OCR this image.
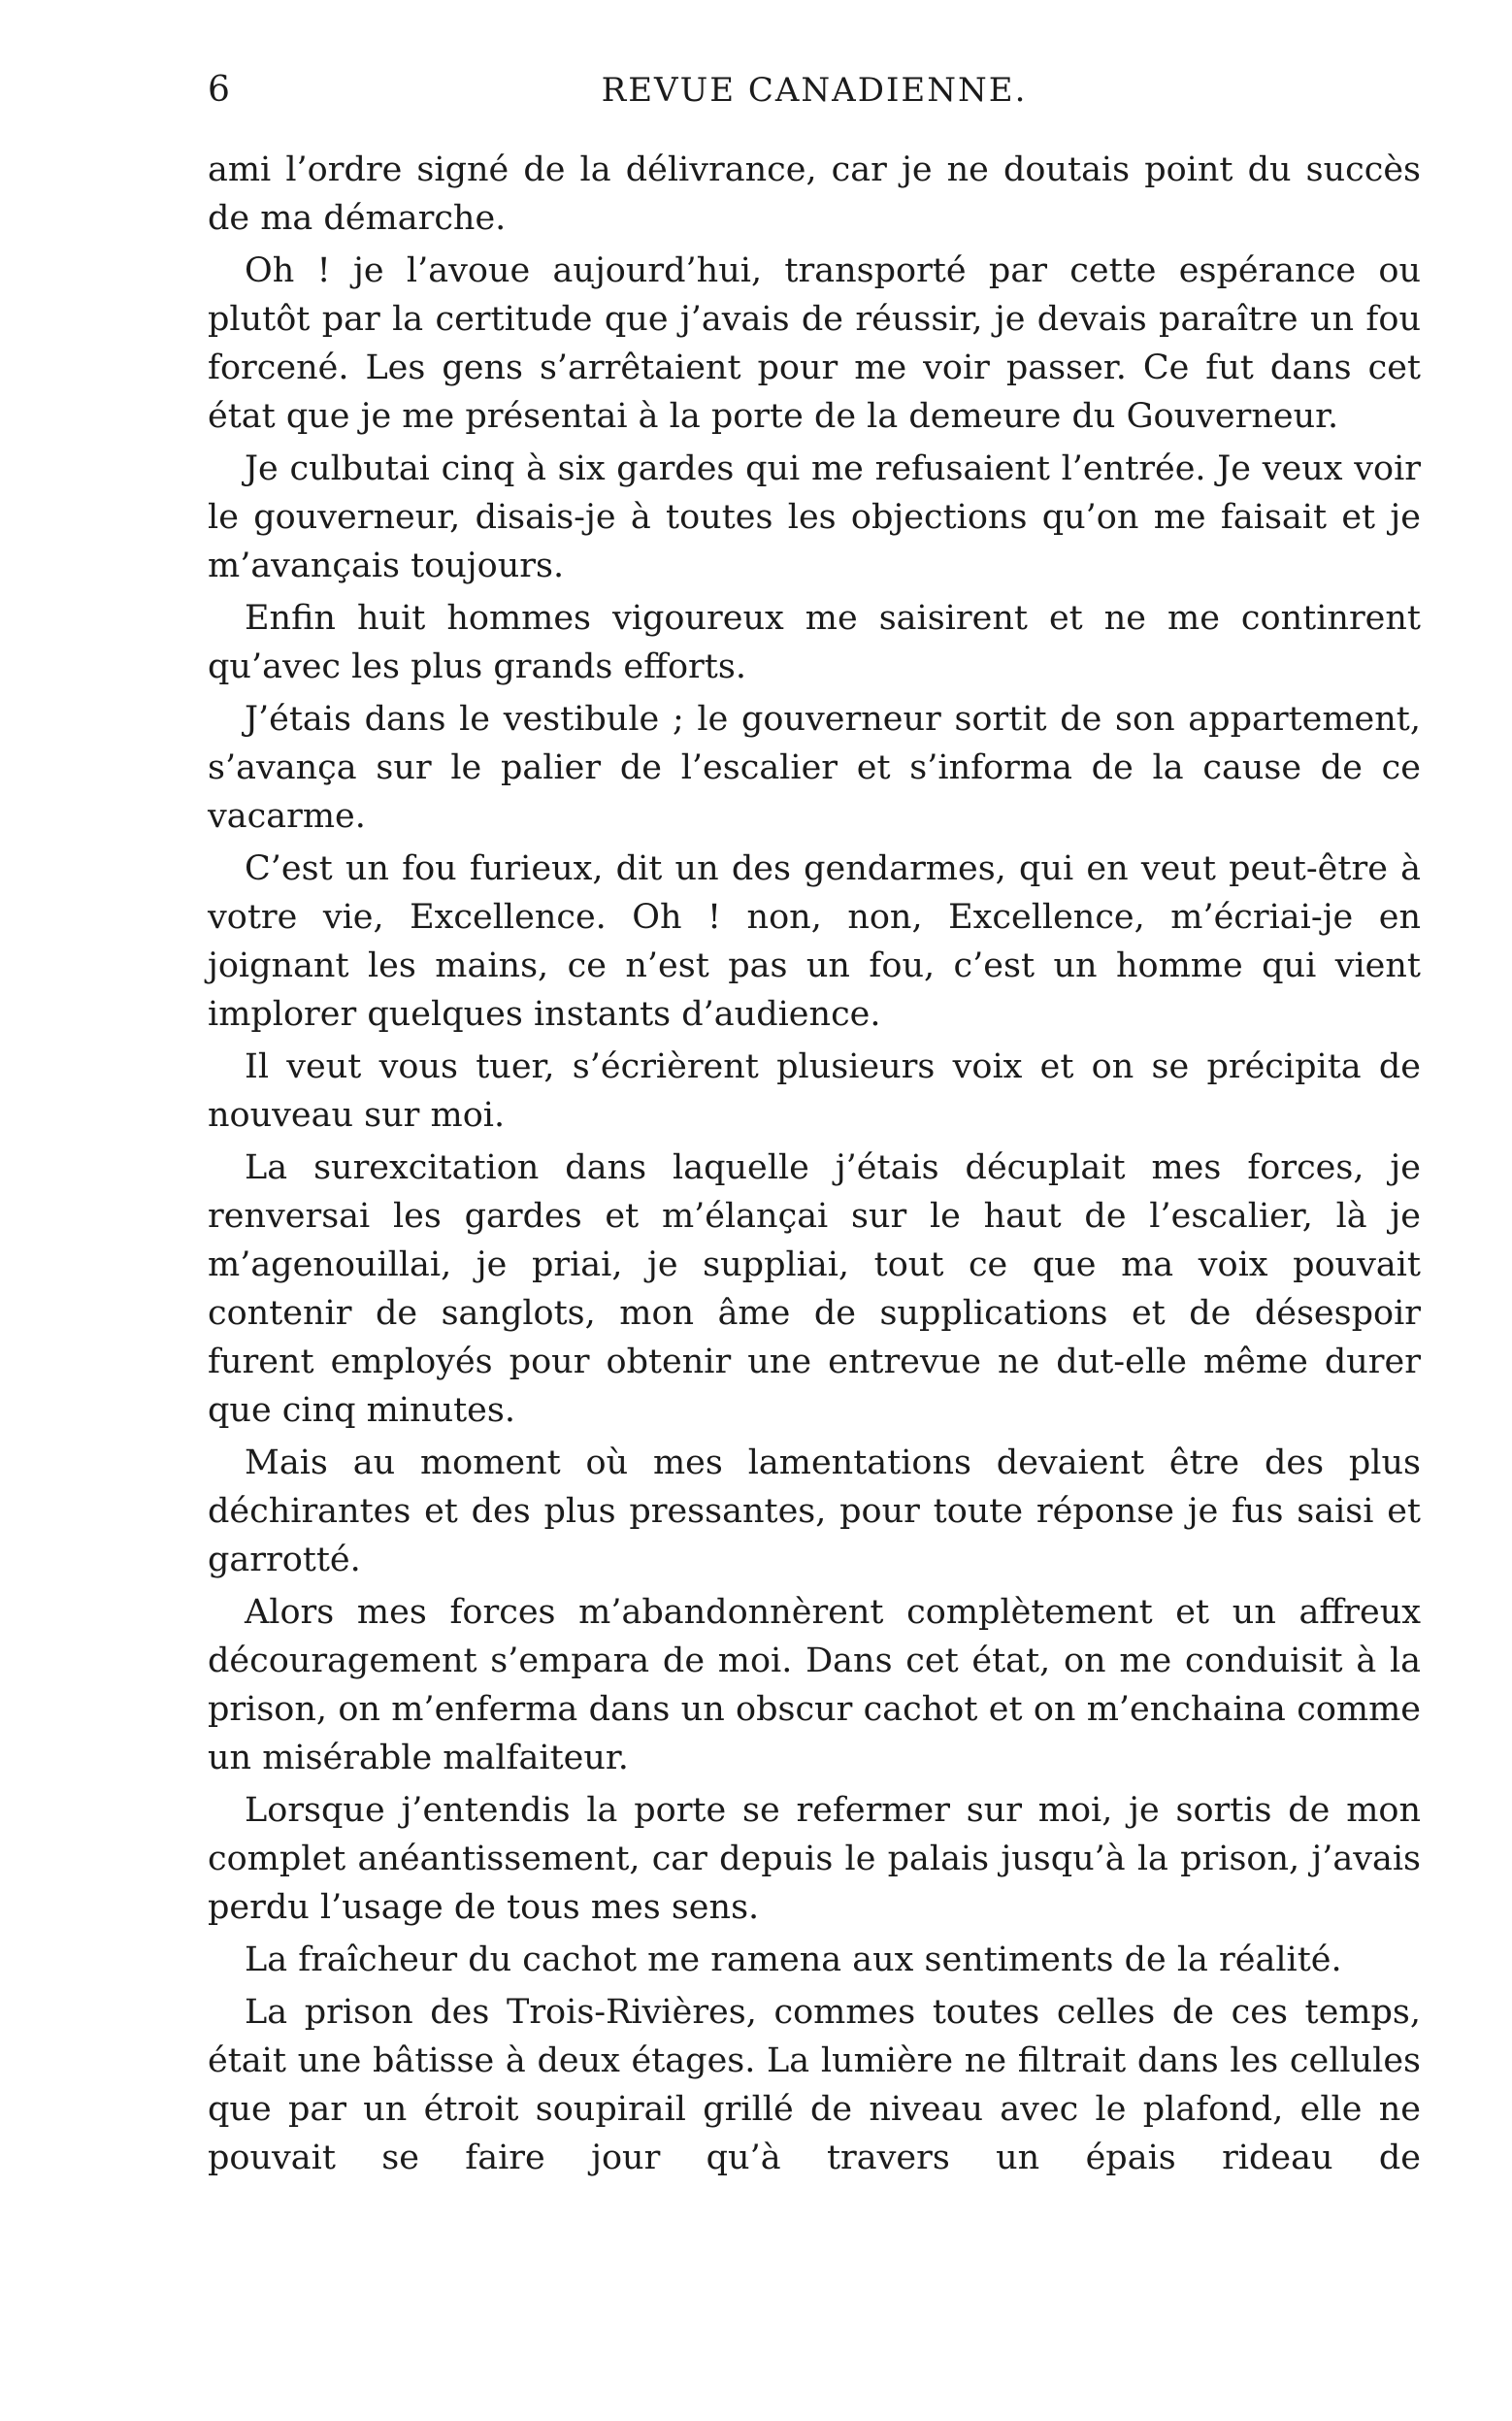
6	REVUE CANADIENNE.

ami l’ordre signé de la délivrance, car je ne doutais point du succès de ma démarche.

Oh ! je l’avoue aujourd’hui, transporté par cette espérance ou plutôt par la certitude que j’avais de réussir, je devais paraître un fou forcené. Les gens s’arrêtaient pour me voir passer. Ce fut dans cet état que je me présentai à la porte de la demeure du Gouverneur.

Je culbutai cinq à six gardes qui me refusaient l’entrée. Je veux voir le gouverneur, disais-je à toutes les objections qu’on me faisait et je m’avançais toujours.

Enfin huit hommes vigoureux me saisirent et ne me continrent qu’avec les plus grands efforts.

J’étais dans le vestibule ; le gouverneur sortit de son appartement, s’avança sur le palier de l’escalier et s’informa de la cause de ce vacarme.

C’est un fou furieux, dit un des gendarmes, qui en veut peut-être à votre vie, Excellence. Oh ! non, non, Excellence, m’écriai-je en joignant les mains, ce n’est pas un fou, c’est un homme qui vient implorer quelques instants d’audience.

Il veut vous tuer, s’écrièrent plusieurs voix et on se précipita de nouveau sur moi.

La surexcitation dans laquelle j’étais décuplait mes forces, je renversai les gardes et m’élançai sur le haut de l’escalier, là je m’agenouillai, je priai, je suppliai, tout ce que ma voix pouvait contenir de sanglots, mon âme de supplications et de désespoir furent employés pour obtenir une entrevue ne dut-elle même durer que cinq minutes.

Mais au moment où mes lamentations devaient être des plus déchirantes et des plus pressantes, pour toute réponse je fus saisi et garrotté.

Alors mes forces m’abandonnèrent complètement et un affreux découragement s’empara de moi. Dans cet état, on me conduisit à la prison, on m’enferma dans un obscur cachot et on m’enchaina comme un misérable malfaiteur.

Lorsque j’entendis la porte se refermer sur moi, je sortis de mon complet anéantissement, car depuis le palais jusqu’à la prison, j’avais perdu l’usage de tous mes sens.

La fraîcheur du cachot me ramena aux sentiments de la réalité.

La prison des Trois-Rivières, commes toutes celles de ces temps, était une bâtisse à deux étages. La lumière ne filtrait dans les cellules que par un étroit soupirail grillé de niveau avec le plafond, elle ne pouvait se faire jour qu’à travers un épais rideau de
